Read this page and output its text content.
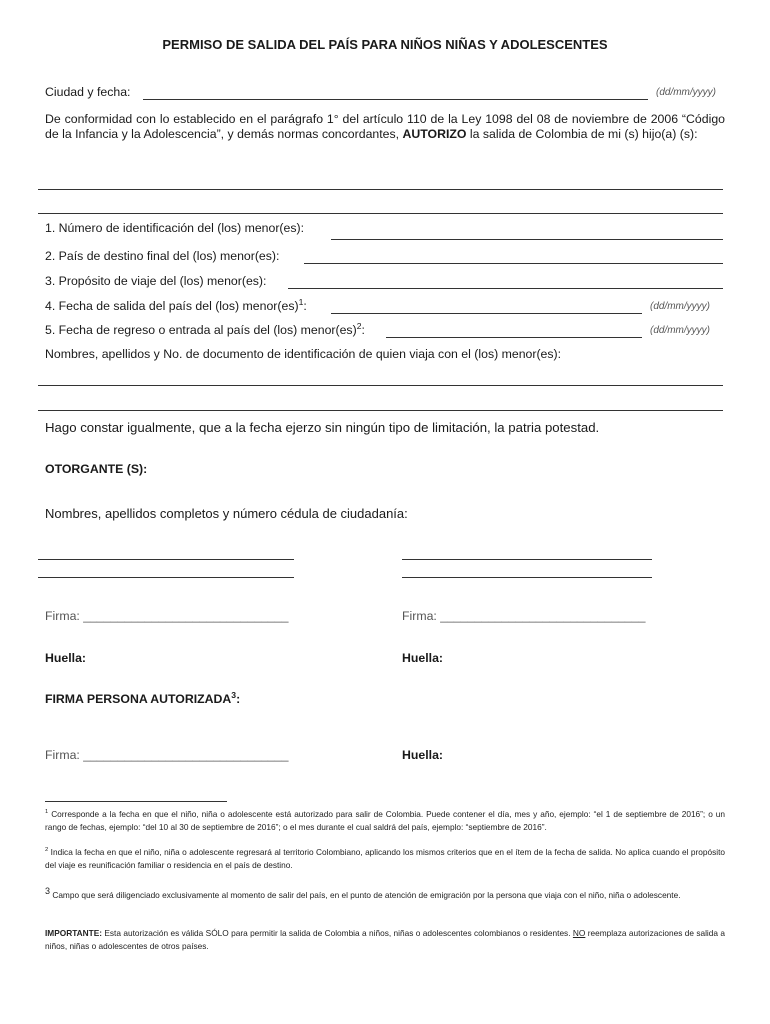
PERMISO DE SALIDA DEL PAÍS PARA NIÑOS NIÑAS Y ADOLESCENTES
Ciudad y fecha:	(dd/mm/yyyy)
De conformidad con lo establecido en el parágrafo 1° del artículo 110 de la Ley 1098 del 08 de noviembre de 2006 “Código de la Infancia y la Adolescencia”, y demás normas concordantes, AUTORIZO la salida de Colombia de mi (s) hijo(a) (s):
1. Número de identificación del (los) menor(es):
2. País de destino final del (los) menor(es):
3. Propósito de viaje del (los) menor(es):
4. Fecha de salida del país del (los) menor(es)$^1$:	(dd/mm/yyyy)
5. Fecha de regreso o entrada al país del (los) menor(es)$^2$:	(dd/mm/yyyy)
Nombres, apellidos y No. de documento de identificación de quien viaja con el (los) menor(es):
Hago constar igualmente, que a la fecha ejerzo sin ningún tipo de limitación, la patria potestad.
OTORGANTE (S):
Nombres, apellidos completos y número cédula de ciudadanía:
Firma: ______________________________	Firma: ______________________________
Huella:	Huella:
FIRMA PERSONA AUTORIZADA$^3$:
Firma: ______________________________	Huella:
$^1$ Corresponde a la fecha en que el niño, niña o adolescente está autorizado para salir de Colombia. Puede contener el día, mes y año, ejemplo: “el 1 de septiembre de 2016”; o un rango de fechas, ejemplo: “del 10 al 30 de septiembre de 2016”; o el mes durante el cual saldrá del país, ejemplo: “septiembre de 2016”.
$^2$ Indica la fecha en que el niño, niña o adolescente regresará al territorio Colombiano, aplicando los mismos criterios que en el ítem de la fecha de salida. No aplica cuando el propósito del viaje es reunificación familiar o residencia en el país de destino.
$^3$ Campo que será diligenciado exclusivamente al momento de salir del país, en el punto de atención de emigración por la persona que viaja con el niño, niña o adolescente.
IMPORTANTE: Esta autorización es válida SÓLO para permitir la salida de Colombia a niños, niñas o adolescentes colombianos o residentes. NO reemplaza autorizaciones de salida a niños, niñas o adolescentes de otros países.
